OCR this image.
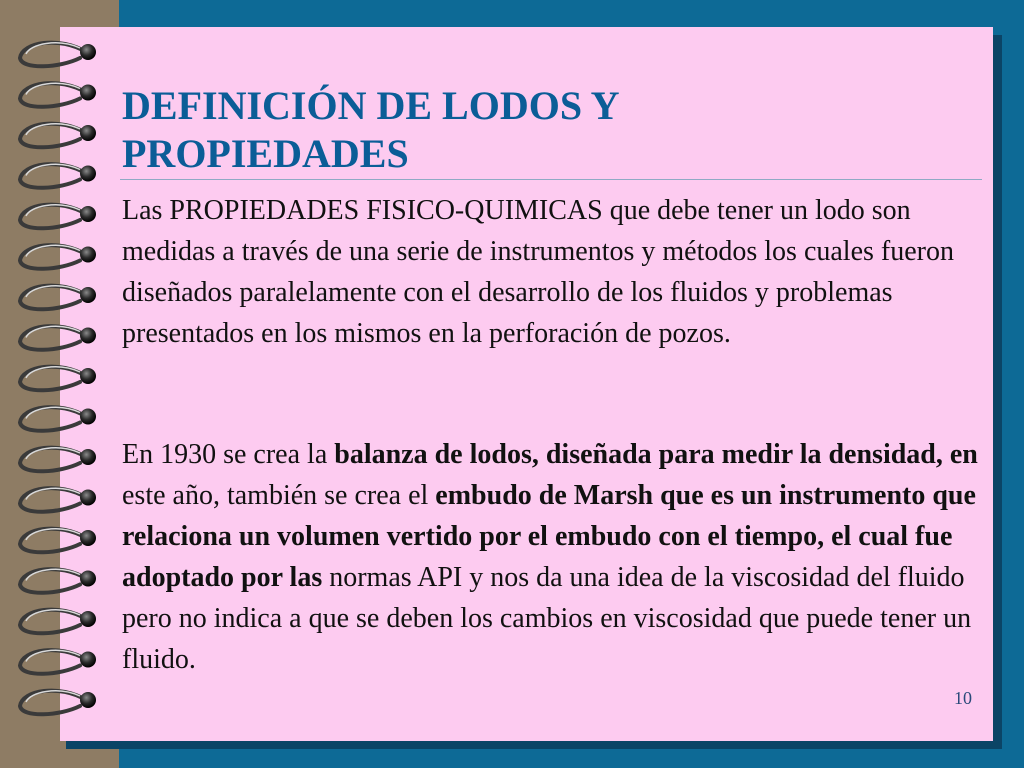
DEFINICIÓN DE LODOS Y
PROPIEDADES

Las PROPIEDADES FISICO-QUIMICAS que debe tener un lodo son medidas a través de una serie de instrumentos y métodos los cuales fueron diseñados paralelamente con el desarrollo de los fluidos y problemas presentados en los mismos en la perforación de pozos.

En 1930 se crea la balanza de lodos, diseñada para medir la densidad, en este año, también se crea el embudo de Marsh que es un instrumento que relaciona un volumen vertido por el embudo con el tiempo, el cual fue adoptado por las normas API y nos da una idea de la viscosidad del fluido pero no indica a que se deben los cambios en viscosidad que puede tener un fluido.

10
